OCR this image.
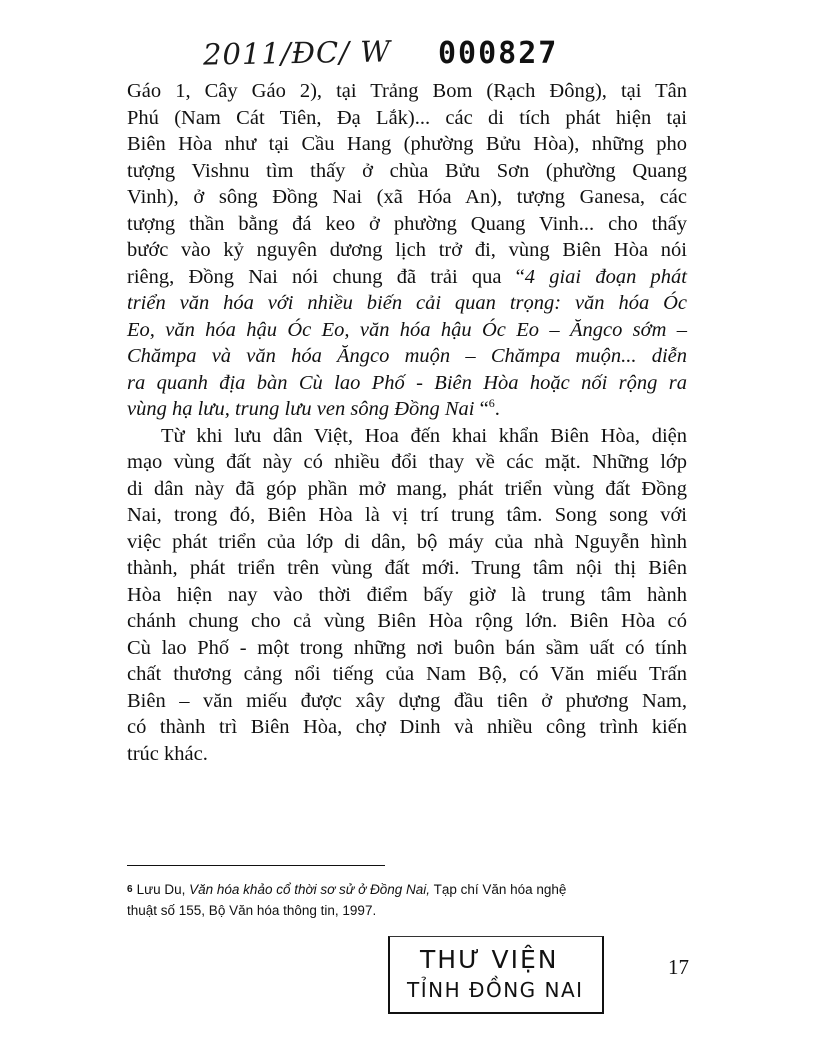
2011/ĐC/ W 000827

Gáo 1, Cây Gáo 2), tại Trảng Bom (Rạch Đông), tại Tân
Phú (Nam Cát Tiên, Đạ Lắk)... các di tích phát hiện tại
Biên Hòa như tại Cầu Hang (phường Bửu Hòa), những pho
tượng Vishnu tìm thấy ở chùa Bửu Sơn (phường Quang
Vinh), ở sông Đồng Nai (xã Hóa An), tượng Ganesa, các
tượng thần bằng đá keo ở phường Quang Vinh... cho thấy
bước vào kỷ nguyên dương lịch trở đi, vùng Biên Hòa nói
riêng, Đồng Nai nói chung đã trải qua “4 giai đoạn phát
triển văn hóa với nhiều biến cải quan trọng: văn hóa Óc
Eo, văn hóa hậu Óc Eo, văn hóa hậu Óc Eo – Ăngco sớm –
Chămpa và văn hóa Ăngco muộn – Chămpa muộn... diễn
ra quanh địa bàn Cù lao Phố - Biên Hòa hoặc nối rộng ra
vùng hạ lưu, trung lưu ven sông Đồng Nai “$^6$.

Từ khi lưu dân Việt, Hoa đến khai khẩn Biên Hòa, diện
mạo vùng đất này có nhiều đổi thay về các mặt. Những lớp
di dân này đã góp phần mở mang, phát triển vùng đất Đồng
Nai, trong đó, Biên Hòa là vị trí trung tâm. Song song với
việc phát triển của lớp di dân, bộ máy của nhà Nguyễn hình
thành, phát triển trên vùng đất mới. Trung tâm nội thị Biên
Hòa hiện nay vào thời điểm bấy giờ là trung tâm hành
chánh chung cho cả vùng Biên Hòa rộng lớn. Biên Hòa có
Cù lao Phố - một trong những nơi buôn bán sầm uất có tính
chất thương cảng nổi tiếng của Nam Bộ, có Văn miếu Trấn
Biên – văn miếu được xây dựng đầu tiên ở phương Nam,
có thành trì Biên Hòa, chợ Dinh và nhiều công trình kiến
trúc khác.

$^6$ Lưu Du, Văn hóa khảo cổ thời sơ sử ở Đồng Nai, Tạp chí Văn hóa nghệ
thuật số 155, Bộ Văn hóa thông tin, 1997.
THƯ VIỆN
TỈNH ĐỒNG NAI
17
